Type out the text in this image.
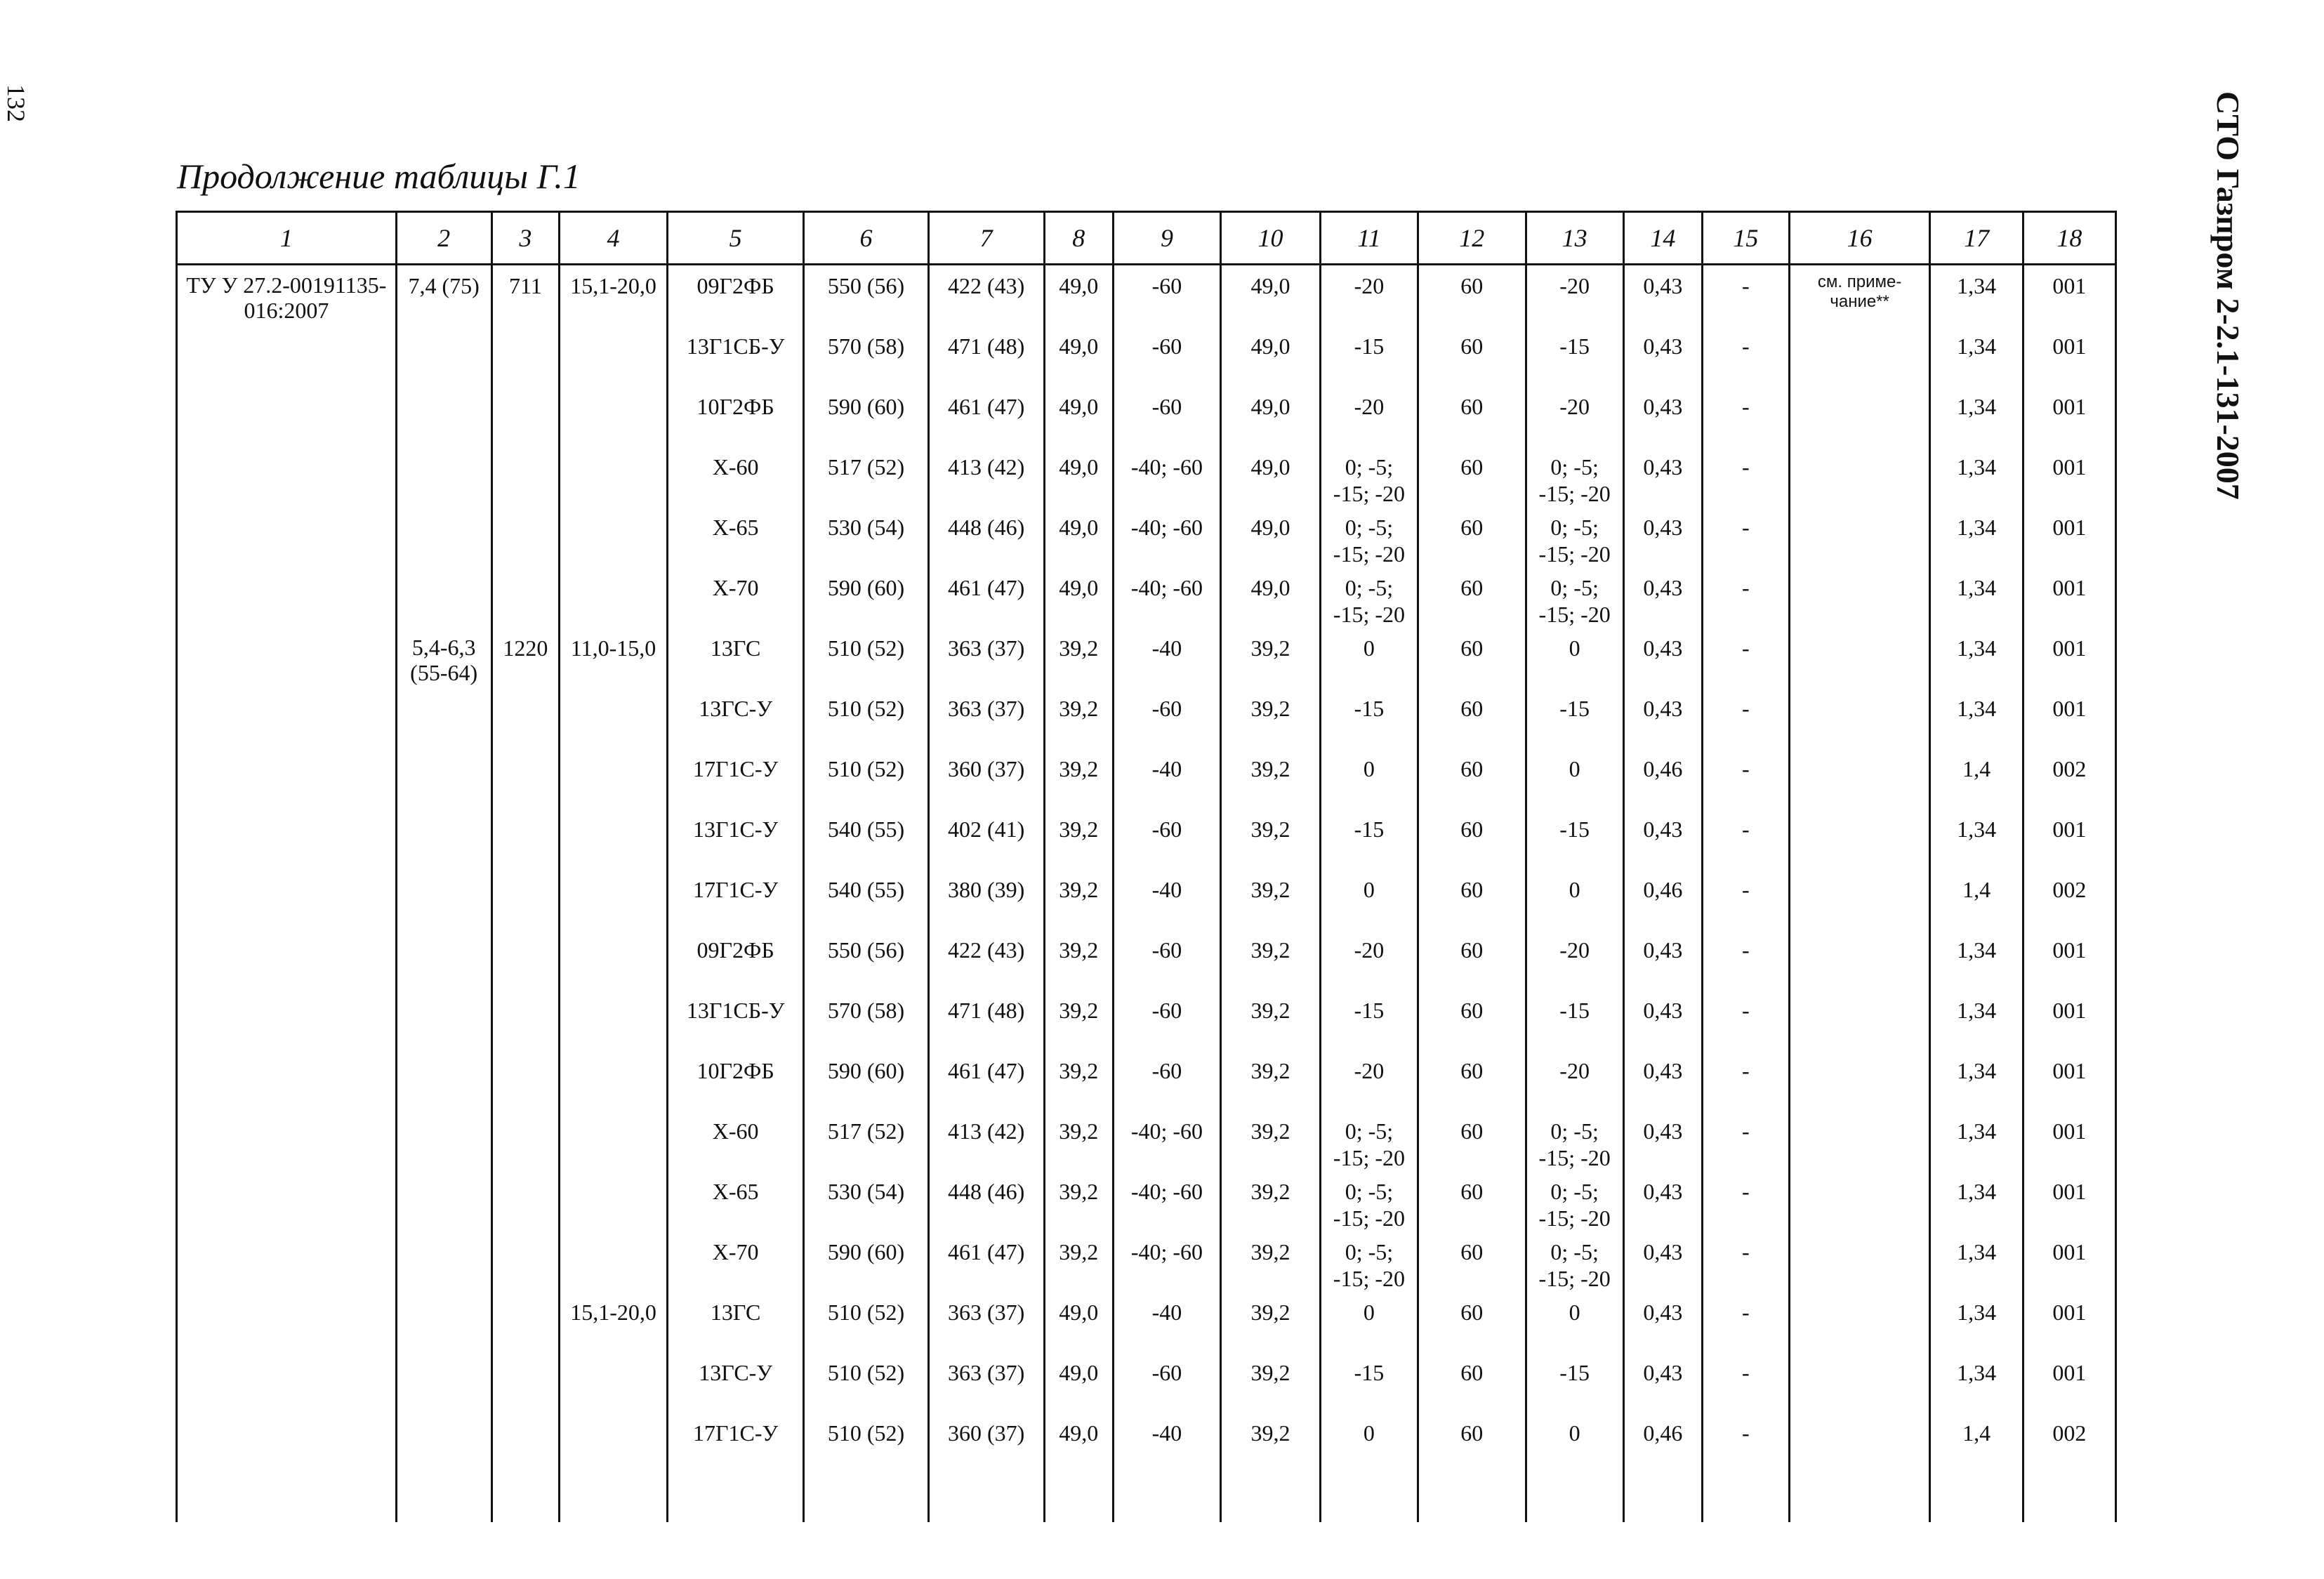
132	СТО Газпром 2-2.1-131-2007
Продолжение таблицы Г.1
1	2	3	4	5	6	7	8	9	10	11	12	13	14	15	16	17	18
ТУ У 27.2-00191135-016:2007	7,4 (75)	711	15,1-20,0	09Г2ФБ	550 (56)	422 (43)	49,0	-60	49,0	-20	60	-20	0,43	-	см. приме-чание**	1,34	001
				13Г1СБ-У	570 (58)	471 (48)	49,0	-60	49,0	-15	60	-15	0,43	-		1,34	001
				10Г2ФБ	590 (60)	461 (47)	49,0	-60	49,0	-20	60	-20	0,43	-		1,34	001
				X-60	517 (52)	413 (42)	49,0	-40; -60	49,0	0; -5;
-15; -20	60	0; -5;
-15; -20	0,43	-		1,34	001
				X-65	530 (54)	448 (46)	49,0	-40; -60	49,0	0; -5;
-15; -20	60	0; -5;
-15; -20	0,43	-		1,34	001
				X-70	590 (60)	461 (47)	49,0	-40; -60	49,0	0; -5;
-15; -20	60	0; -5;
-15; -20	0,43	-		1,34	001
	5,4-6,3 (55-64)	1220	11,0-15,0	13ГС	510 (52)	363 (37)	39,2	-40	39,2	0	60	0	0,43	-		1,34	001
				13ГС-У	510 (52)	363 (37)	39,2	-60	39,2	-15	60	-15	0,43	-		1,34	001
				17Г1С-У	510 (52)	360 (37)	39,2	-40	39,2	0	60	0	0,46	-		1,4	002
				13Г1С-У	540 (55)	402 (41)	39,2	-60	39,2	-15	60	-15	0,43	-		1,34	001
				17Г1С-У	540 (55)	380 (39)	39,2	-40	39,2	0	60	0	0,46	-		1,4	002
				09Г2ФБ	550 (56)	422 (43)	39,2	-60	39,2	-20	60	-20	0,43	-		1,34	001
				13Г1СБ-У	570 (58)	471 (48)	39,2	-60	39,2	-15	60	-15	0,43	-		1,34	001
				10Г2ФБ	590 (60)	461 (47)	39,2	-60	39,2	-20	60	-20	0,43	-		1,34	001
				X-60	517 (52)	413 (42)	39,2	-40; -60	39,2	0; -5;
-15; -20	60	0; -5;
-15; -20	0,43	-		1,34	001
				X-65	530 (54)	448 (46)	39,2	-40; -60	39,2	0; -5;
-15; -20	60	0; -5;
-15; -20	0,43	-		1,34	001
				X-70	590 (60)	461 (47)	39,2	-40; -60	39,2	0; -5;
-15; -20	60	0; -5;
-15; -20	0,43	-		1,34	001
			15,1-20,0	13ГС	510 (52)	363 (37)	49,0	-40	39,2	0	60	0	0,43	-		1,34	001
				13ГС-У	510 (52)	363 (37)	49,0	-60	39,2	-15	60	-15	0,43	-		1,34	001
				17Г1С-У	510 (52)	360 (37)	49,0	-40	39,2	0	60	0	0,46	-		1,4	002
